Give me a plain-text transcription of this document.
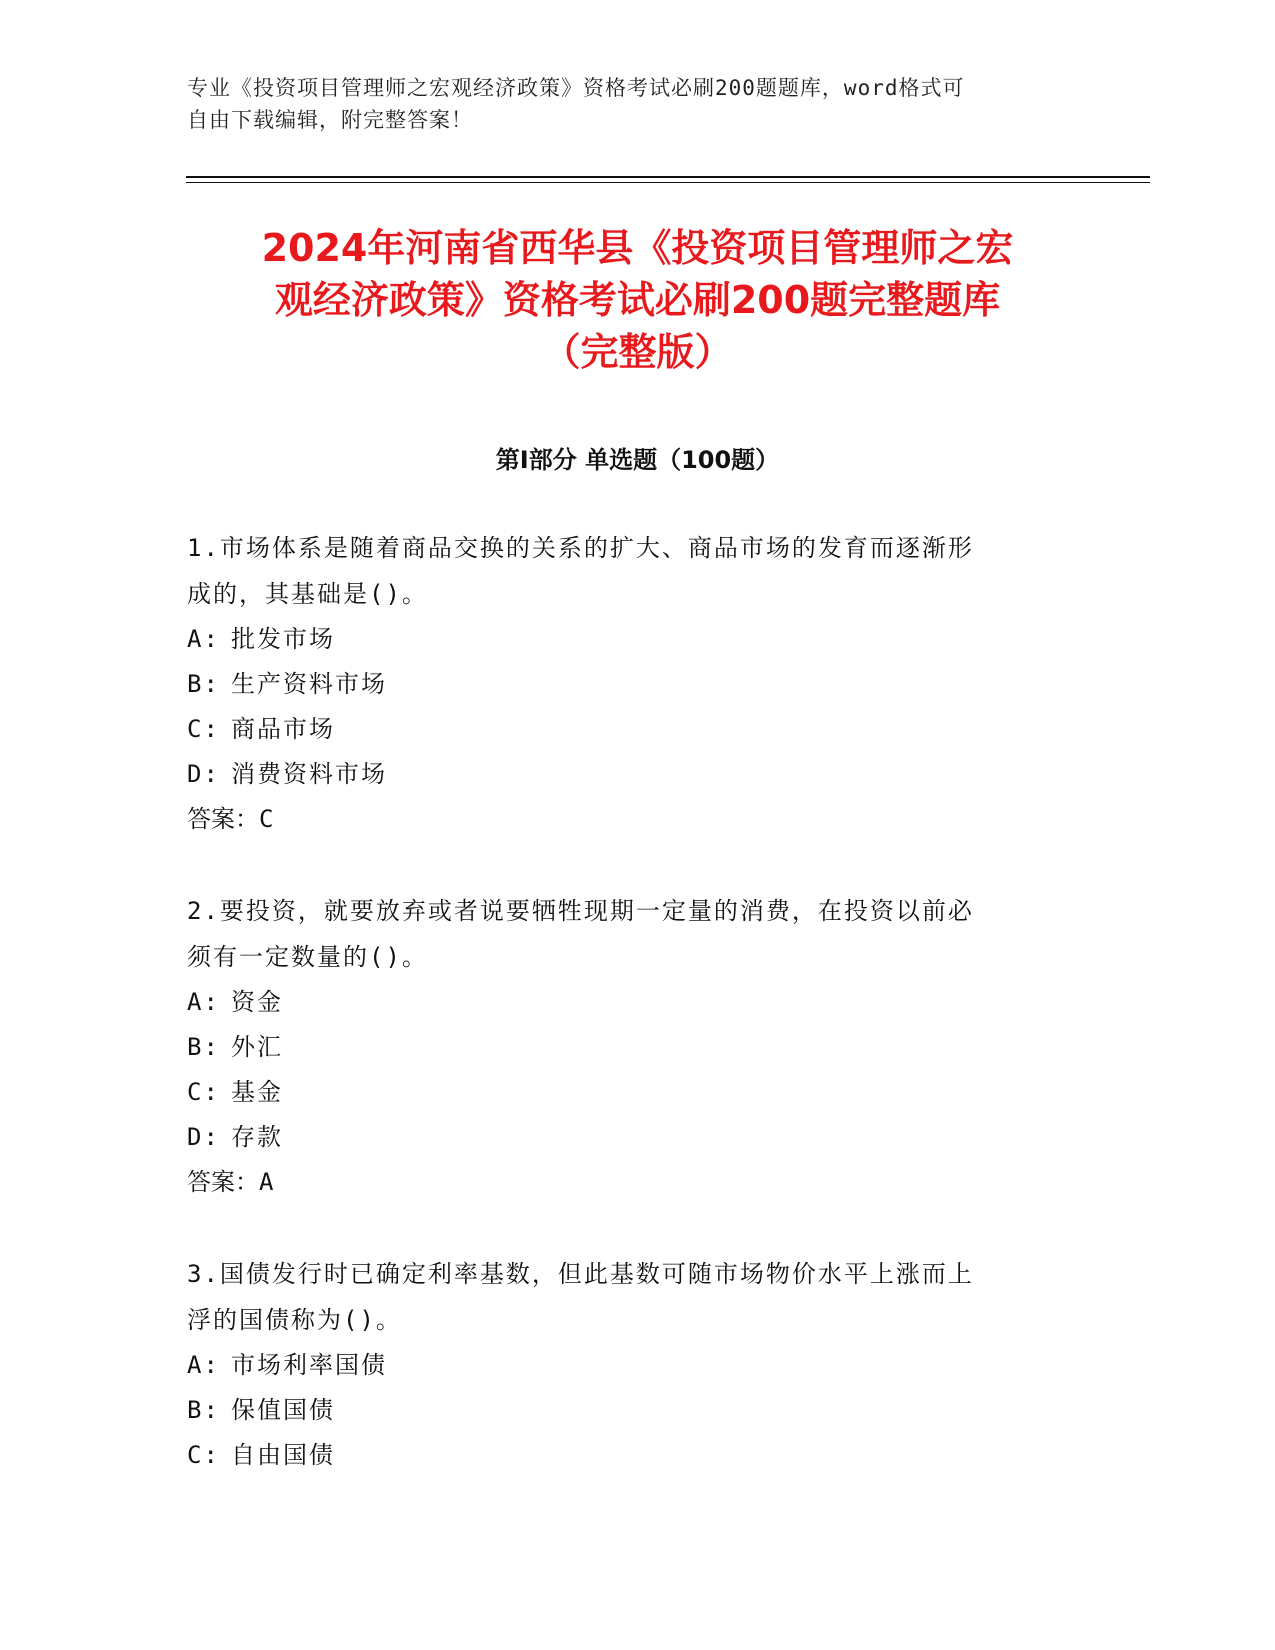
专业《投资项目管理师之宏观经济政策》资格考试必刷200题题库，word格式可
自由下载编辑，附完整答案！
2024年河南省西华县《投资项目管理师之宏
观经济政策》资格考试必刷200题完整题库
（完整版）
第Ⅰ部分 单选题（100题）
1.市场体系是随着商品交换的关系的扩大、商品市场的发育而逐渐形
成的，其基础是()。
A: 批发市场
B: 生产资料市场
C: 商品市场
D: 消费资料市场
答案：C
2.要投资，就要放弃或者说要牺牲现期一定量的消费，在投资以前必
须有一定数量的()。
A: 资金
B: 外汇
C: 基金
D: 存款
答案：A
3.国债发行时已确定利率基数，但此基数可随市场物价水平上涨而上
浮的国债称为()。
A: 市场利率国债
B: 保值国债
C: 自由国债
